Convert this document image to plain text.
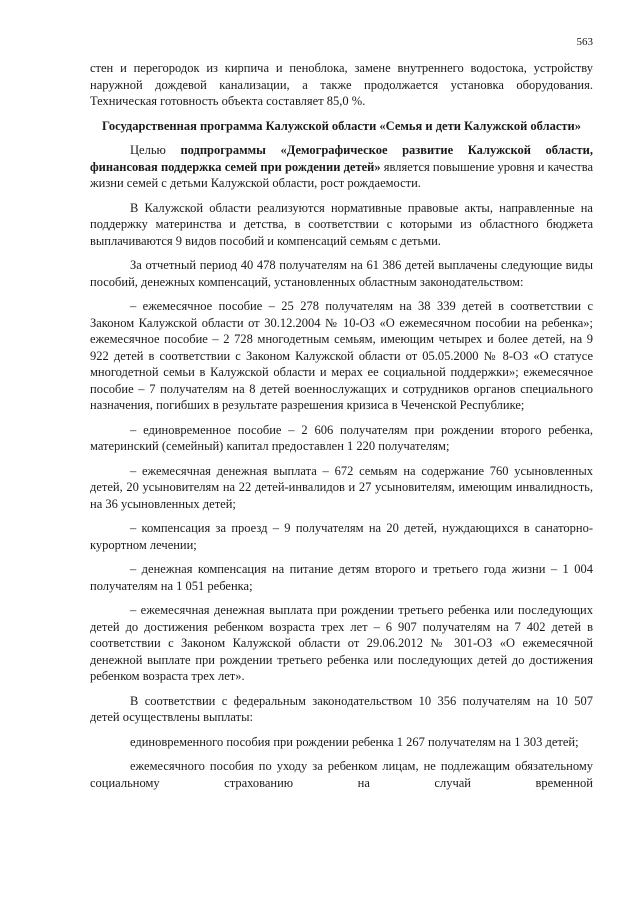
563

стен и перегородок из кирпича и пеноблока, замене внутреннего водостока, устройству наружной дождевой канализации, а также продолжается установка оборудования. Техническая готовность объекта составляет 85,0 %.

Государственная программа Калужской области «Семья и дети Калужской области»

Целью подпрограммы «Демографическое развитие Калужской области, финансовая поддержка семей при рождении детей» является повышение уровня и качества жизни семей с детьми Калужской области, рост рождаемости.

В Калужской области реализуются нормативные правовые акты, направленные на поддержку материнства и детства, в соответствии с которыми из областного бюджета выплачиваются 9 видов пособий и компенсаций семьям с детьми.

За отчетный период 40 478 получателям на 61 386 детей выплачены следующие виды пособий, денежных компенсаций, установленных областным законодательством:

– ежемесячное пособие – 25 278 получателям на 38 339 детей в соответствии с Законом Калужской области от 30.12.2004 № 10-ОЗ «О ежемесячном пособии на ребенка»; ежемесячное пособие – 2 728 многодетным семьям, имеющим четырех и более детей, на 9 922 детей в соответствии с Законом Калужской области от 05.05.2000 № 8-ОЗ «О статусе многодетной семьи в Калужской области и мерах ее социальной поддержки»; ежемесячное пособие – 7 получателям на 8 детей военнослужащих и сотрудников органов специального назначения, погибших в результате разрешения кризиса в Чеченской Республике;

– единовременное пособие – 2 606 получателям при рождении второго ребенка, материнский (семейный) капитал предоставлен 1 220 получателям;

– ежемесячная денежная выплата – 672 семьям на содержание 760 усыновленных детей, 20 усыновителям на 22 детей-инвалидов и 27 усыновителям, имеющим инвалидность, на 36 усыновленных детей;

– компенсация за проезд – 9 получателям на 20 детей, нуждающихся в санаторно-курортном лечении;

– денежная компенсация на питание детям второго и третьего года жизни – 1 004 получателям на 1 051 ребенка;

– ежемесячная денежная выплата при рождении третьего ребенка или последующих детей до достижения ребенком возраста трех лет – 6 907 получателям на 7 402 детей в соответствии с Законом Калужской области от 29.06.2012 № 301-ОЗ «О ежемесячной денежной выплате при рождении третьего ребенка или последующих детей до достижения ребенком возраста трех лет».

В соответствии с федеральным законодательством 10 356 получателям на 10 507 детей осуществлены выплаты:

единовременного пособия при рождении ребенка 1 267 получателям на 1 303 детей;

ежемесячного пособия по уходу за ребенком лицам, не подлежащим обязательному социальному страхованию на случай временной
